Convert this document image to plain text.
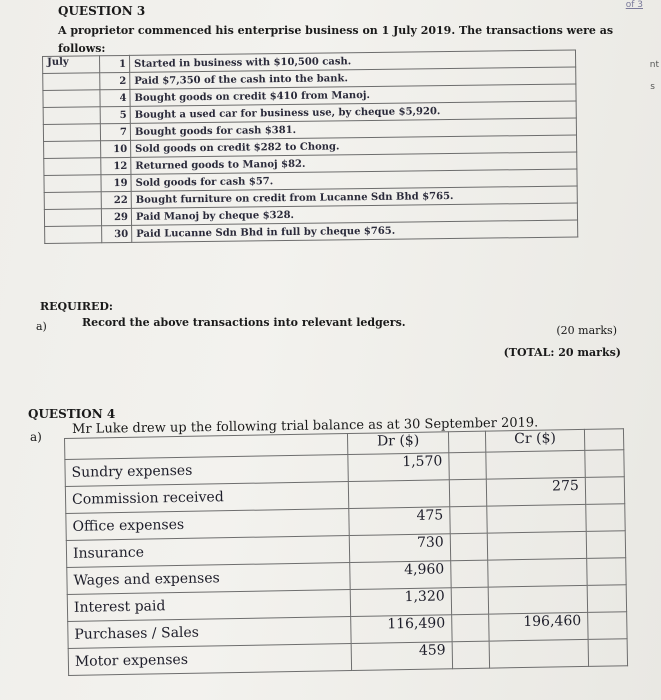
of 3
nt
s
QUESTION 3
A proprietor commenced his enterprise business on 1 July 2019. The transactions were as follows:
July	1	Started in business with $10,500 cash.
	2	Paid $7,350 of the cash into the bank.
	4	Bought goods on credit $410 from Manoj.
	5	Bought a used car for business use, by cheque $5,920.
	7	Bought goods for cash $381.
	10	Sold goods on credit $282 to Chong.
	12	Returned goods to Manoj $82.
	19	Sold goods for cash $57.
	22	Bought furniture on credit from Lucanne Sdn Bhd $765.
	29	Paid Manoj by cheque $328.
	30	Paid Lucanne Sdn Bhd in full by cheque $765.
REQUIRED:
a)	Record the above transactions into relevant ledgers.
(20 marks)
(TOTAL: 20 marks)
QUESTION 4
a)
Mr Luke drew up the following trial balance as at 30 September 2019.
	Dr ($)		Cr ($)	
Sundry expenses	1,570			
Commission received			275	
Office expenses	475			
Insurance	730			
Wages and expenses	4,960			
Interest paid	1,320			
Purchases / Sales	116,490		196,460	
Motor expenses	459			
